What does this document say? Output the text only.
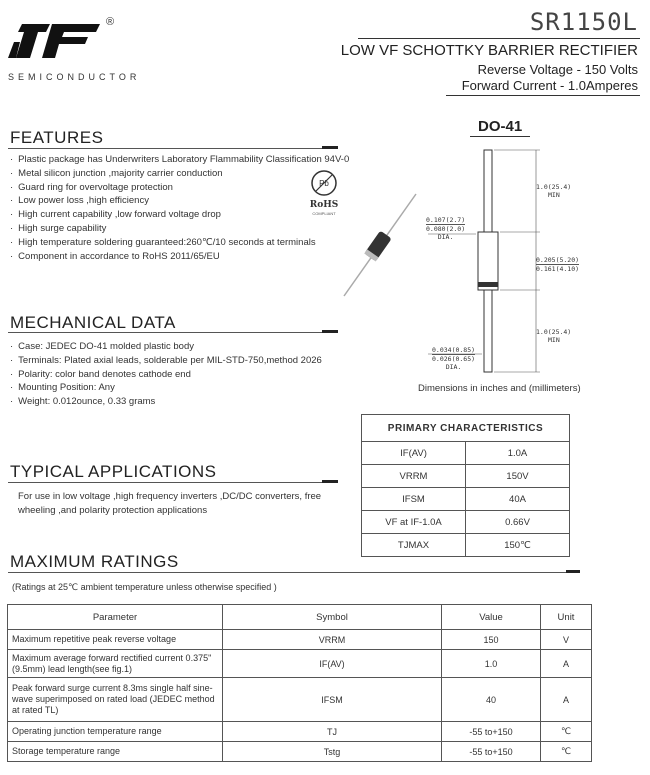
®
SEMICONDUCTOR
SR1150L
LOW VF SCHOTTKY BARRIER RECTIFIER
Reverse Voltage - 150 Volts
Forward Current - 1.0Amperes
FEATURES
· Plastic package has Underwriters Laboratory Flammability Classification 94V-0
· Metal silicon junction ,majority carrier conduction
· Guard ring for overvoltage protection
· Low power loss ,high efficiency
· High current capability ,low forward voltage drop
· High surge capability
· High temperature soldering guaranteed:260℃/10 seconds at terminals
· Component in accordance to RoHS 2011/65/EU
Pb
RoHS
COMPLIANT
MECHANICAL DATA
· Case: JEDEC DO-41 molded plastic body
· Terminals: Plated axial leads, solderable per MIL-STD-750,method 2026
· Polarity: color band denotes cathode end
· Mounting Position: Any
· Weight: 0.012ounce, 0.33 grams
TYPICAL APPLICATIONS
For use in low voltage ,high frequency inverters ,DC/DC converters, free wheeling ,and polarity protection applications
DO-41
1.0(25.4)
MIN
0.107(2.7)
0.080(2.0)
DIA.
0.205(5.20)
0.161(4.10)
1.0(25.4)
MIN
0.034(0.85)
0.026(0.65)
DIA.
Dimensions in inches and (millimeters)
PRIMARY CHARACTERISTICS	
IF(AV)	1.0A
VRRM	150V
IFSM	40A
VF at IF-1.0A	0.66V
TJMAX	150℃
MAXIMUM RATINGS
(Ratings at 25℃ ambient temperature unless otherwise specified )
Parameter	Symbol	Value	Unit
Maximum repetitive peak reverse voltage	VRRM	150	V
Maximum average forward rectified current 0.375"(9.5mm) lead length(see fig.1)	IF(AV)	1.0	A
Peak forward surge current 8.3ms single half sine-wave superimposed on rated load (JEDEC method at rated TL)	IFSM	40	A
Operating junction temperature range	TJ	-55 to+150	℃
Storage temperature range	Tstg	-55 to+150	℃
